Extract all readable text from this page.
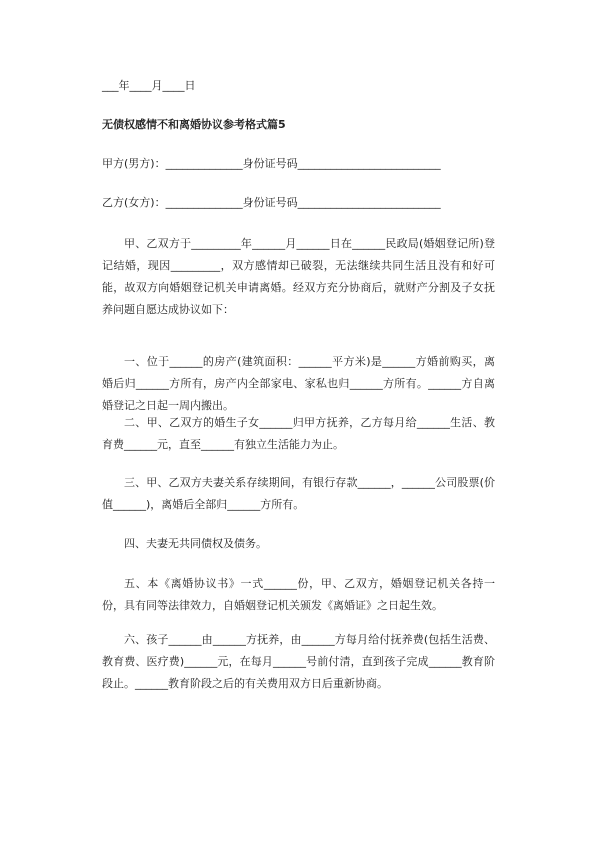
___年____月____日
无债权感情不和离婚协议参考格式篇5
甲方(男方)：______________身份证号码__________________________
乙方(女方)：______________身份证号码__________________________
甲、乙双方于_________年______月______日在______民政局(婚姻登记所)登记结婚，现因_________，双方感情却已破裂，无法继续共同生活且没有和好可能，故双方向婚姻登记机关申请离婚。经双方充分协商后，就财产分割及子女抚养问题自愿达成协议如下：
一、位于______的房产(建筑面积：______平方米)是______方婚前购买，离婚后归______方所有，房产内全部家电、家私也归______方所有。______方自离婚登记之日起一周内搬出。
二、甲、乙双方的婚生子女______归甲方抚养，乙方每月给______生活、教育费______元，直至______有独立生活能力为止。
三、甲、乙双方夫妻关系存续期间，有银行存款______，______公司股票(价值______)，离婚后全部归______方所有。
四、夫妻无共同债权及债务。
五、本《离婚协议书》一式______份，甲、乙双方，婚姻登记机关各持一份，具有同等法律效力，自婚姻登记机关颁发《离婚证》之日起生效。
六、孩子______由______方抚养，由______方每月给付抚养费(包括生活费、教育费、医疗费)______元，在每月______号前付清，直到孩子完成______教育阶段止。______教育阶段之后的有关费用双方日后重新协商。
